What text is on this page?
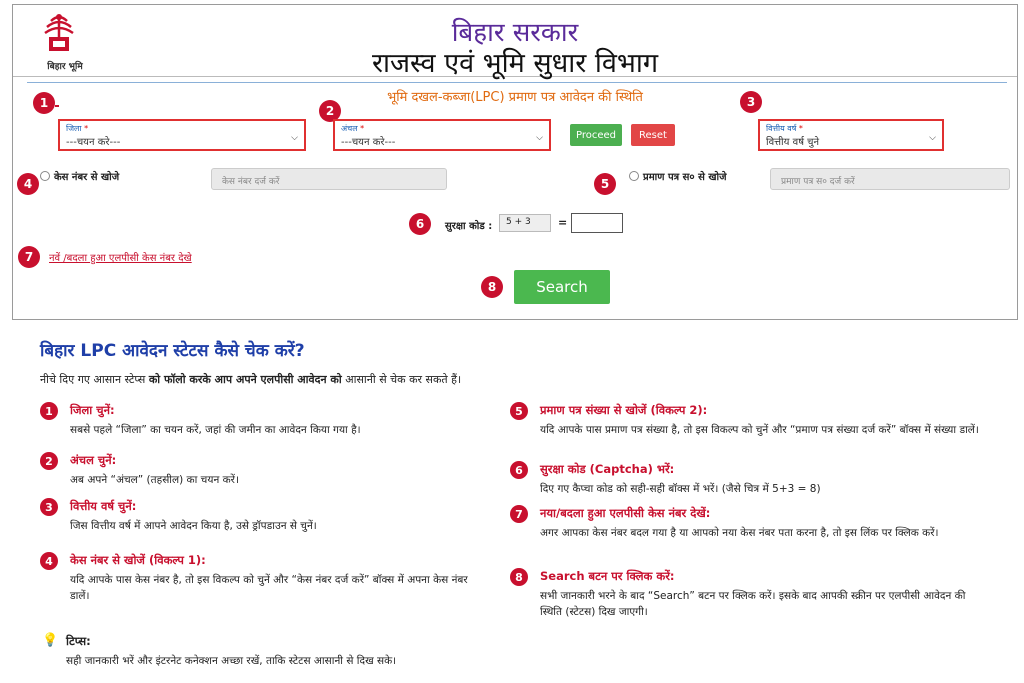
बिहार भूमि
बिहार सरकार
राजस्व एवं भूमि सुधार विभाग
भूमि दखल-कब्जा(LPC) प्रमाण पत्र आवेदन की स्थिति
1
जिला *
---चयन करे---	⌵
2
अंचल *
---चयन करे---	⌵	Proceed	Reset
3
वित्तीय वर्ष *
वित्तीय वर्ष चुने	⌵
4	केस नंबर से खोजे	केस नंबर दर्ज करें	5	प्रमाण पत्र स० से खोजे	प्रमाण पत्र स० दर्ज करें
6	सुरक्षा कोड :	5 + 3	=
7	नवें /बदला हुआ एलपीसी केस नंबर देखे
8	Search
बिहार LPC आवेदन स्टेटस कैसे चेक करें?
नीचे दिए गए आसान स्टेप्स को फॉलो करके आप अपने एलपीसी आवेदन को आसानी से चेक कर सकते हैं।
1	जिला चुनें:
सबसे पहले “जिला” का चयन करें, जहां की जमीन का आवेदन किया गया है।
2	अंचल चुनें:
अब अपने “अंचल” (तहसील) का चयन करें।
3	वित्तीय वर्ष चुनें:
जिस वित्तीय वर्ष में आपने आवेदन किया है, उसे ड्रॉपडाउन से चुनें।
4	केस नंबर से खोजें (विकल्प 1):
यदि आपके पास केस नंबर है, तो इस विकल्प को चुनें और “केस नंबर दर्ज करें” बॉक्स में अपना केस नंबर डालें।
5	प्रमाण पत्र संख्या से खोजें (विकल्प 2):
यदि आपके पास प्रमाण पत्र संख्या है, तो इस विकल्प को चुनें और “प्रमाण पत्र संख्या दर्ज करें” बॉक्स में संख्या डालें।
6	सुरक्षा कोड (Captcha) भरें:
दिए गए कैप्चा कोड को सही-सही बॉक्स में भरें। (जैसे चित्र में 5+3 = 8)
7	नया/बदला हुआ एलपीसी केस नंबर देखें:
अगर आपका केस नंबर बदल गया है या आपको नया केस नंबर पता करना है, तो इस लिंक पर क्लिक करें।
8	Search बटन पर क्लिक करें:
सभी जानकारी भरने के बाद “Search” बटन पर क्लिक करें। इसके बाद आपकी स्क्रीन पर एलपीसी आवेदन की स्थिति (स्टेटस) दिख जाएगी।
💡 टिप्स:
सही जानकारी भरें और इंटरनेट कनेक्शन अच्छा रखें, ताकि स्टेटस आसानी से दिख सके।
